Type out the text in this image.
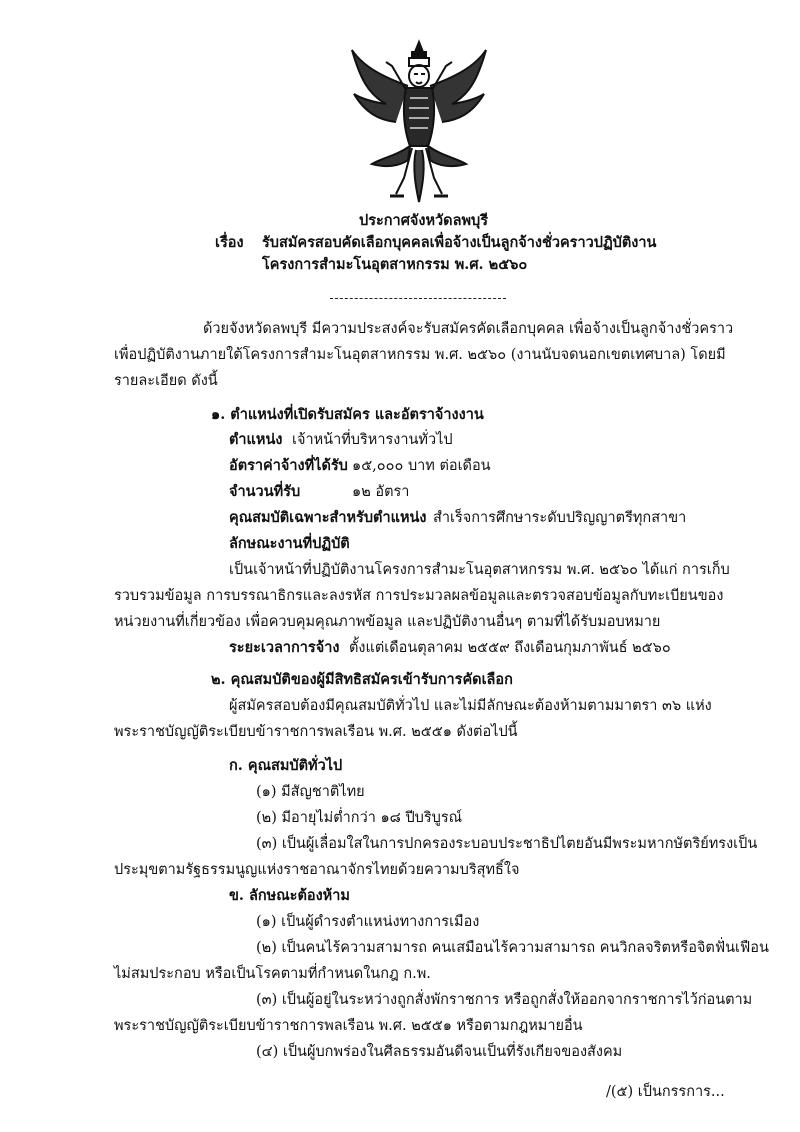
ประกาศจังหวัดลพบุรี
เรื่อง รับสมัครสอบคัดเลือกบุคคลเพื่อจ้างเป็นลูกจ้างชั่วคราวปฏิบัติงาน
โครงการสำมะโนอุตสาหกรรม พ.ศ. ๒๕๖๐
ด้วยจังหวัดลพบุรี มีความประสงค์จะรับสมัครคัดเลือกบุคคล เพื่อจ้างเป็นลูกจ้างชั่วคราว
เพื่อปฏิบัติงานภายใต้โครงการสำมะโนอุตสาหกรรม พ.ศ. ๒๕๖๐ (งานนับจดนอกเขตเทศบาล) โดยมี
รายละเอียด ดังนี้
๑. ตำแหน่งที่เปิดรับสมัคร และอัตราจ้างงาน
ตำแหน่ง เจ้าหน้าที่บริหารงานทั่วไป
อัตราค่าจ้างที่ได้รับ ๑๕,๐๐๐ บาท ต่อเดือน
จำนวนที่รับ	๑๒ อัตรา
คุณสมบัติเฉพาะสำหรับตำแหน่ง สำเร็จการศึกษาระดับปริญญาตรีทุกสาขา
ลักษณะงานที่ปฏิบัติ
เป็นเจ้าหน้าที่ปฏิบัติงานโครงการสำมะโนอุตสาหกรรม พ.ศ. ๒๕๖๐ ได้แก่ การเก็บ
รวบรวมข้อมูล การบรรณาธิกรและลงรหัส การประมวลผลข้อมูลและตรวจสอบข้อมูลกับทะเบียนของ
หน่วยงานที่เกี่ยวข้อง เพื่อควบคุมคุณภาพข้อมูล และปฏิบัติงานอื่นๆ ตามที่ได้รับมอบหมาย
ระยะเวลาการจ้าง ตั้งแต่เดือนตุลาคม ๒๕๕๙ ถึงเดือนกุมภาพันธ์ ๒๕๖๐
๒. คุณสมบัติของผู้มีสิทธิสมัครเข้ารับการคัดเลือก
ผู้สมัครสอบต้องมีคุณสมบัติทั่วไป และไม่มีลักษณะต้องห้ามตามมาตรา ๓๖ แห่ง
พระราชบัญญัติระเบียบข้าราชการพลเรือน พ.ศ. ๒๕๕๑ ดังต่อไปนี้
ก. คุณสมบัติทั่วไป
(๑) มีสัญชาติไทย
(๒) มีอายุไม่ต่ำกว่า ๑๘ ปีบริบูรณ์
(๓) เป็นผู้เลื่อมใสในการปกครองระบอบประชาธิปไตยอันมีพระมหากษัตริย์ทรงเป็น
ประมุขตามรัฐธรรมนูญแห่งราชอาณาจักรไทยด้วยความบริสุทธิ์ใจ
ข. ลักษณะต้องห้าม
(๑) เป็นผู้ดำรงตำแหน่งทางการเมือง
(๒) เป็นคนไร้ความสามารถ คนเสมือนไร้ความสามารถ คนวิกลจริตหรือจิตฟั่นเฟือน
ไม่สมประกอบ หรือเป็นโรคตามที่กำหนดในกฎ ก.พ.
(๓) เป็นผู้อยู่ในระหว่างถูกสั่งพักราชการ หรือถูกสั่งให้ออกจากราชการไว้ก่อนตาม
พระราชบัญญัติระเบียบข้าราชการพลเรือน พ.ศ. ๒๕๕๑ หรือตามกฎหมายอื่น
(๔) เป็นผู้บกพร่องในศีลธรรมอันดีจนเป็นที่รังเกียจของสังคม
/(๕) เป็นกรรการ...
